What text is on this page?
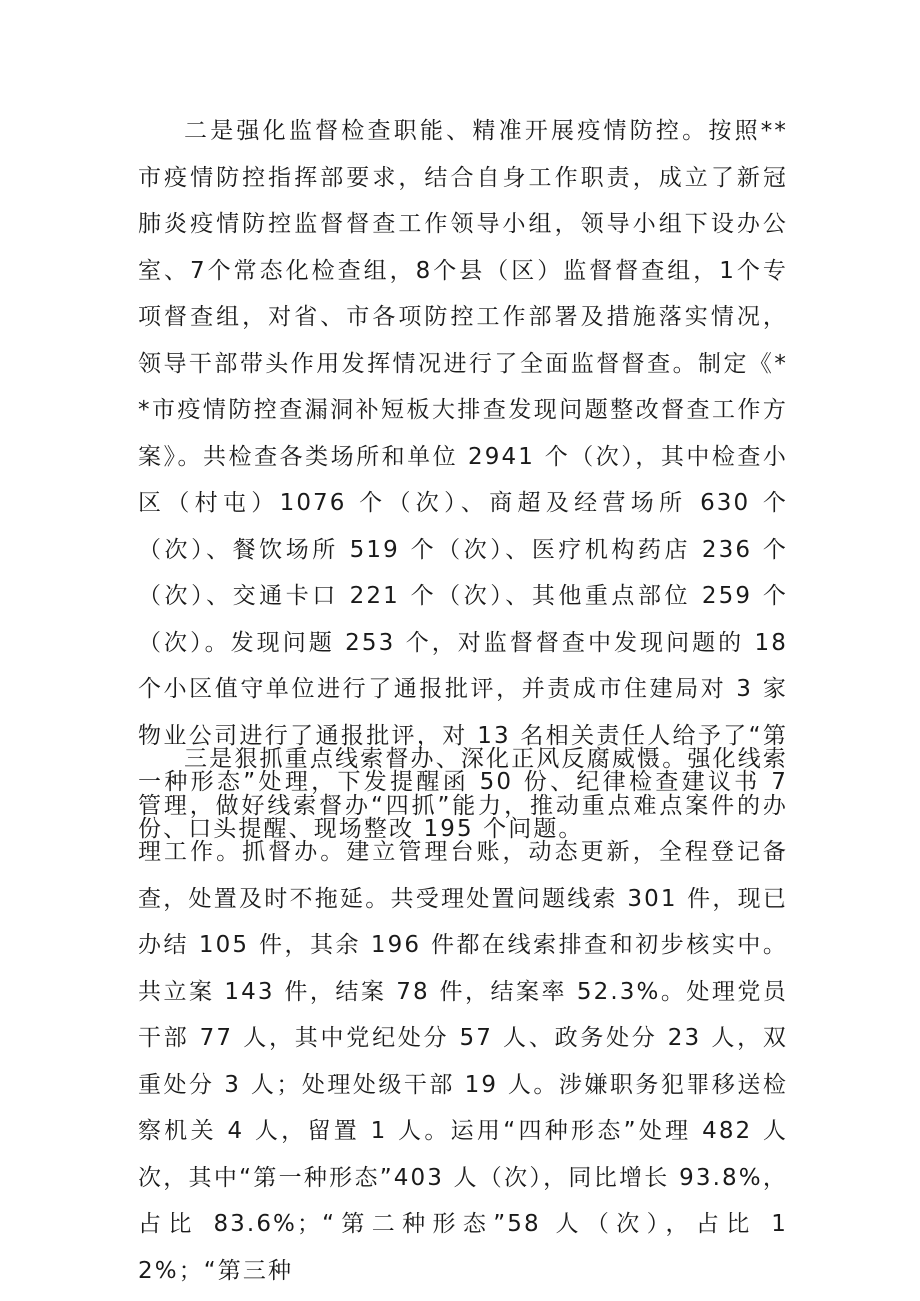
二是强化监督检查职能、精准开展疫情防控。按照**市疫情防控指挥部要求，结合自身工作职责，成立了新冠肺炎疫情防控监督督查工作领导小组，领导小组下设办公室、7个常态化检查组，8个县（区）监督督查组，1个专项督查组，对省、市各项防控工作部署及措施落实情况，领导干部带头作用发挥情况进行了全面监督督查。制定《**市疫情防控查漏洞补短板大排查发现问题整改督查工作方案》。共检查各类场所和单位 2941 个（次），其中检查小区（村屯）1076 个（次）、商超及经营场所 630 个（次）、餐饮场所 519 个（次）、医疗机构药店 236 个（次）、交通卡口 221 个（次）、其他重点部位 259 个（次）。发现问题 253 个，对监督督查中发现问题的 18 个小区值守单位进行了通报批评，并责成市住建局对 3 家物业公司进行了通报批评，对 13 名相关责任人给予了“第一种形态”处理，下发提醒函 50 份、纪律检查建议书 7 份、口头提醒、现场整改 195 个问题。

三是狠抓重点线索督办、深化正风反腐威慑。强化线索管理，做好线索督办“四抓”能力，推动重点难点案件的办理工作。抓督办。建立管理台账，动态更新，全程登记备查，处置及时不拖延。共受理处置问题线索 301 件，现已办结 105 件，其余 196 件都在线索排查和初步核实中。共立案 143 件，结案 78 件，结案率 52.3%。处理党员干部 77 人，其中党纪处分 57 人、政务处分 23 人，双重处分 3 人；处理处级干部 19 人。涉嫌职务犯罪移送检察机关 4 人，留置 1 人。运用“四种形态”处理 482 人次，其中“第一种形态”403 人（次），同比增长 93.8%，占比 83.6%；“第二种形态”58 人（次），占比 12%；“第三种
